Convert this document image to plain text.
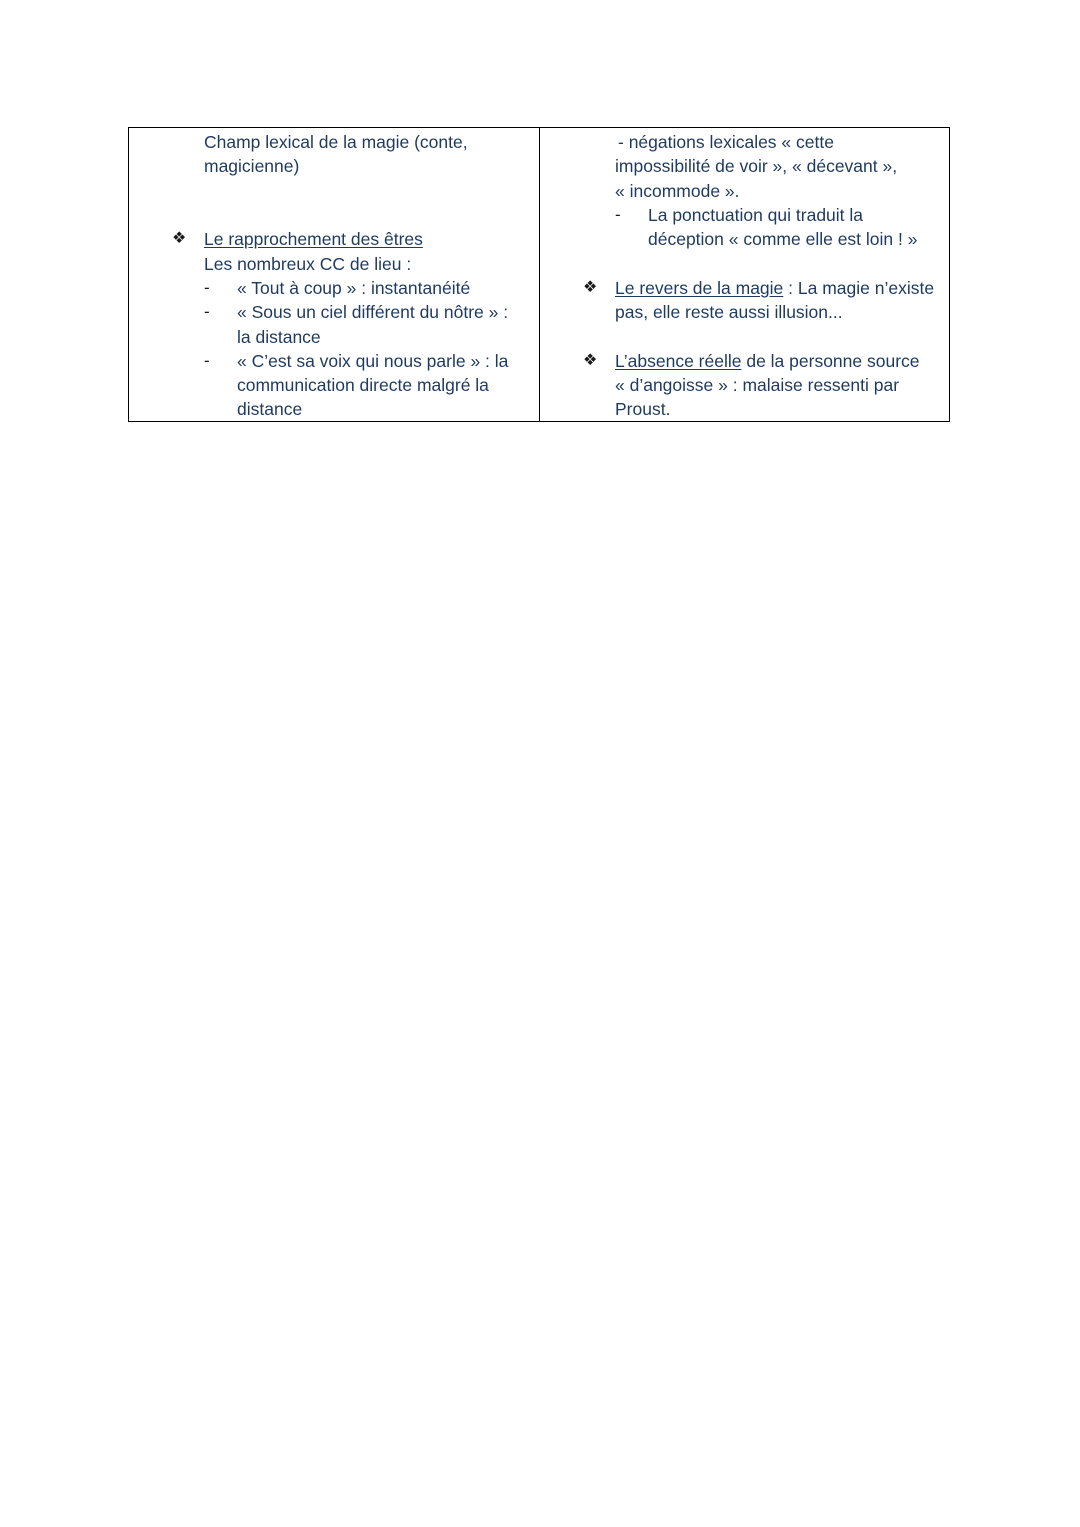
Champ lexical de la magie (conte,
magicienne)
❖ Le rapprochement des êtres
Les nombreux CC de lieu :
- « Tout à coup » : instantanéité
- « Sous un ciel différent du nôtre » :
la distance
- « C’est sa voix qui nous parle » : la
communication directe malgré la
distance
- négations lexicales « cette
impossibilité de voir », « décevant »,
« incommode ».
- La ponctuation qui traduit la
déception « comme elle est loin ! »
❖ Le revers de la magie : La magie n’existe
pas, elle reste aussi illusion...
❖ L’absence réelle de la personne source
« d’angoisse » : malaise ressenti par
Proust.
